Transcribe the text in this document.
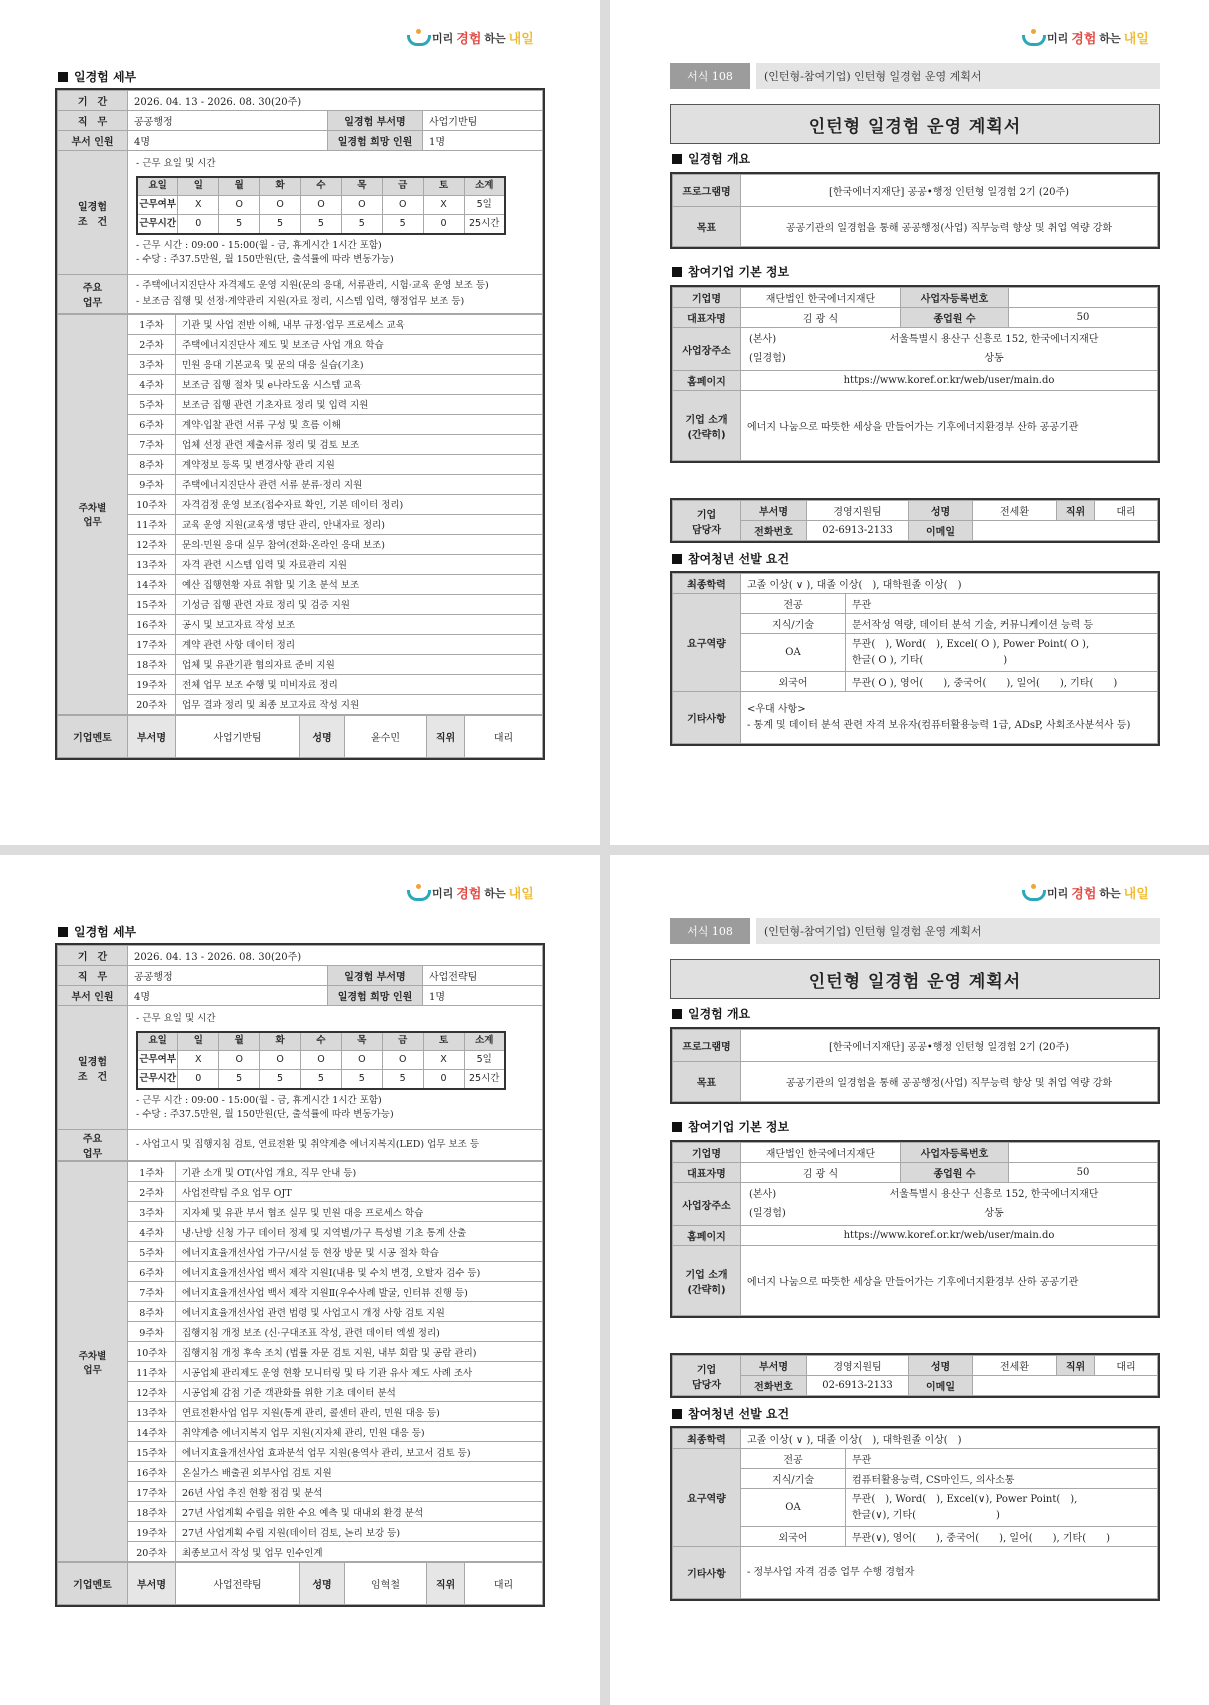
미리 경험 하는 내일
일경험 세부
기　간	2026. 04. 13 - 2026. 08. 30(20주)
직　무	공공행정	일경험 부서명	사업기반팀
부서 인원	4명	일경험 희망 인원	1명

일경험
조　건

- 근무 요일 및 시간
요일	일	월	화	수	목	금	토	소계
근무여부	X	O	O	O	O	O	X	5일
근무시간	0	5	5	5	5	5	0	25시간
- 근무 시간 : 09:00 - 15:00(월 - 금, 휴게시간 1시간 포함)
- 수당 : 주37.5만원, 월 150만원(단, 출석률에 따라 변동가능)

주요
업무

- 주택에너지진단사 자격제도 운영 지원(문의 응대, 서류관리, 시험·교육 운영 보조 등)
- 보조금 집행 및 선정·계약관리 지원(자료 정리, 시스템 입력, 행정업무 보조 등)
주차별
업무	1주차	기관 및 사업 전반 이해, 내부 규정·업무 프로세스 교육
	2주차	주택에너지진단사 제도 및 보조금 사업 개요 학습
	3주차	민원 응대 기본교육 및 문의 대응 실습(기초)
	4주차	보조금 집행 절차 및 e나라도움 시스템 교육
	5주차	보조금 집행 관련 기초자료 정리 및 입력 지원
	6주차	계약·입찰 관련 서류 구성 및 흐름 이해
	7주차	업체 선정 관련 제출서류 정리 및 검토 보조
	8주차	계약정보 등록 및 변경사항 관리 지원
	9주차	주택에너지진단사 관련 서류 분류·정리 지원
	10주차	자격검정 운영 보조(접수자료 확인, 기본 데이터 정리)
	11주차	교육 운영 지원(교육생 명단 관리, 안내자료 정리)
	12주차	문의·민원 응대 실무 참여(전화·온라인 응대 보조)
	13주차	자격 관련 시스템 입력 및 자료관리 지원
	14주차	예산 집행현황 자료 취합 및 기초 분석 보조
	15주차	기성금 집행 관련 자료 정리 및 검증 지원
	16주차	공시 및 보고자료 작성 보조
	17주차	계약 관련 사항 데이터 정리
	18주차	업체 및 유관기관 협의자료 준비 지원
	19주차	전체 업무 보조 수행 및 미비자료 정리
	20주차	업무 결과 정리 및 최종 보고자료 작성 지원
기업멘토	부서명	사업기반팀	성명	윤수민	직위	대리
미리 경험 하는 내일
일경험 세부
기　간	2026. 04. 13 - 2026. 08. 30(20주)
직　무	공공행정	일경험 부서명	사업전략팀
부서 인원	4명	일경험 희망 인원	1명

일경험
조　건

- 근무 요일 및 시간
요일	일	월	화	수	목	금	토	소계
근무여부	X	O	O	O	O	O	X	5일
근무시간	0	5	5	5	5	5	0	25시간
- 근무 시간 : 09:00 - 15:00(월 - 금, 휴게시간 1시간 포함)
- 수당 : 주37.5만원, 월 150만원(단, 출석률에 따라 변동가능)

주요
업무

- 사업고시 및 집행지침 검토, 연료전환 및 취약계층 에너지복지(LED) 업무 보조 등
주차별
업무	1주차	기관 소개 및 OT(사업 개요, 직무 안내 등)
	2주차	사업전략팀 주요 업무 OJT
	3주차	지자체 및 유관 부서 협조 실무 및 민원 대응 프로세스 학습
	4주차	냉·난방 신청 가구 데이터 정제 및 지역별/가구 특성별 기초 통계 산출
	5주차	에너지효율개선사업 가구/시설 등 현장 방문 및 시공 절차 학습
	6주차	에너지효율개선사업 백서 제작 지원Ⅰ(내용 및 수치 변경, 오탈자 검수 등)
	7주차	에너지효율개선사업 백서 제작 지원Ⅱ(우수사례 발굴, 인터뷰 진행 등)
	8주차	에너지효율개선사업 관련 법령 및 사업고시 개정 사항 검토 지원
	9주차	집행지침 개정 보조 (신·구대조표 작성, 관련 데이터 엑셀 정리)
	10주차	집행지침 개정 후속 조치 (법률 자문 검토 지원, 내부 회람 및 공람 관리)
	11주차	시공업체 관리제도 운영 현황 모니터링 및 타 기관 유사 제도 사례 조사
	12주차	시공업체 감점 기준 객관화를 위한 기초 데이터 분석
	13주차	연료전환사업 업무 지원(통계 관리, 콜센터 관리, 민원 대응 등)
	14주차	취약계층 에너지복지 업무 지원(지자체 관리, 민원 대응 등)
	15주차	에너지효율개선사업 효과분석 업무 지원(용역사 관리, 보고서 검토 등)
	16주차	온실가스 배출권 외부사업 검토 지원
	17주차	26년 사업 추진 현황 점검 및 분석
	18주차	27년 사업계획 수립을 위한 수요 예측 및 대내외 환경 분석
	19주차	27년 사업계획 수립 지원(데이터 검토, 논리 보강 등)
	20주차	최종보고서 작성 및 업무 인수인계
기업멘토	부서명	사업전략팀	성명	임혁철	직위	대리
미리 경험 하는 내일
서식 108	(인턴형-참여기업) 인턴형 일경험 운영 계획서
인턴형 일경험 운영 계획서
일경험 개요
프로그램명	[한국에너지재단] 공공•행정 인턴형 일경험 2기 (20주)
목표	공공기관의 일경험을 통해 공공행정(사업) 직무능력 향상 및 취업 역량 강화
참여기업 기본 정보
기업명	재단법인 한국에너지재단	사업자등록번호	
대표자명	김 광 식	종업원 수	50
사업장주소	(본사) 서울특별시 용산구 신흥로 152, 한국에너지재단
(일경험) 상동		

홈페이지	https://www.koref.or.kr/web/user/main.do		

기업 소개
(간략히)	에너지 나눔으로 따뜻한 세상을 만들어가는 기후에너지환경부 산하 공공기관		
기업
담당자	부서명	경영지원팀	성명	전세환	직위	대리
	전화번호	02-6913-2133	이메일			
참여청년 선발 요건
최종학력	고졸 이상( ∨ ), 대졸 이상(　), 대학원졸 이상(　)	
요구역량	전공	무관
	지식/기술	문서작성 역량, 데이터 분석 기술, 커뮤니케이션 능력 등
	OA	무관(　), Word(　), Excel( O ), Power Point( O ),
한글( O ), 기타(　　　　　　　　)

	외국어	무관( O ), 영어(　　), 중국어(　　), 일어(　　), 기타(　　)
기타사항	<우대 사항>
- 통계 및 데이터 분석 관련 자격 보유자(컴퓨터활용능력 1급, ADsP, 사회조사분석사 등)	
미리 경험 하는 내일
서식 108	(인턴형-참여기업) 인턴형 일경험 운영 계획서
인턴형 일경험 운영 계획서
일경험 개요
프로그램명	[한국에너지재단] 공공•행정 인턴형 일경험 2기 (20주)
목표	공공기관의 일경험을 통해 공공행정(사업) 직무능력 향상 및 취업 역량 강화
참여기업 기본 정보
기업명	재단법인 한국에너지재단	사업자등록번호	
대표자명	김 광 식	종업원 수	50
사업장주소	(본사) 서울특별시 용산구 신흥로 152, 한국에너지재단
(일경험) 상동		

홈페이지	https://www.koref.or.kr/web/user/main.do		

기업 소개
(간략히)	에너지 나눔으로 따뜻한 세상을 만들어가는 기후에너지환경부 산하 공공기관		
기업
담당자	부서명	경영지원팀	성명	전세환	직위	대리
	전화번호	02-6913-2133	이메일			
참여청년 선발 요건
최종학력	고졸 이상( ∨ ), 대졸 이상(　), 대학원졸 이상(　)	
요구역량	전공	무관
	지식/기술	컴퓨터활용능력, CS마인드, 의사소통
	OA	무관(　), Word(　), Excel(∨), Power Point(　),
한글(∨), 기타(　　　　　　　　)

	외국어	무관(∨), 영어(　　), 중국어(　　), 일어(　　), 기타(　　)
기타사항	- 정부사업 자격 검증 업무 수행 경험자	
